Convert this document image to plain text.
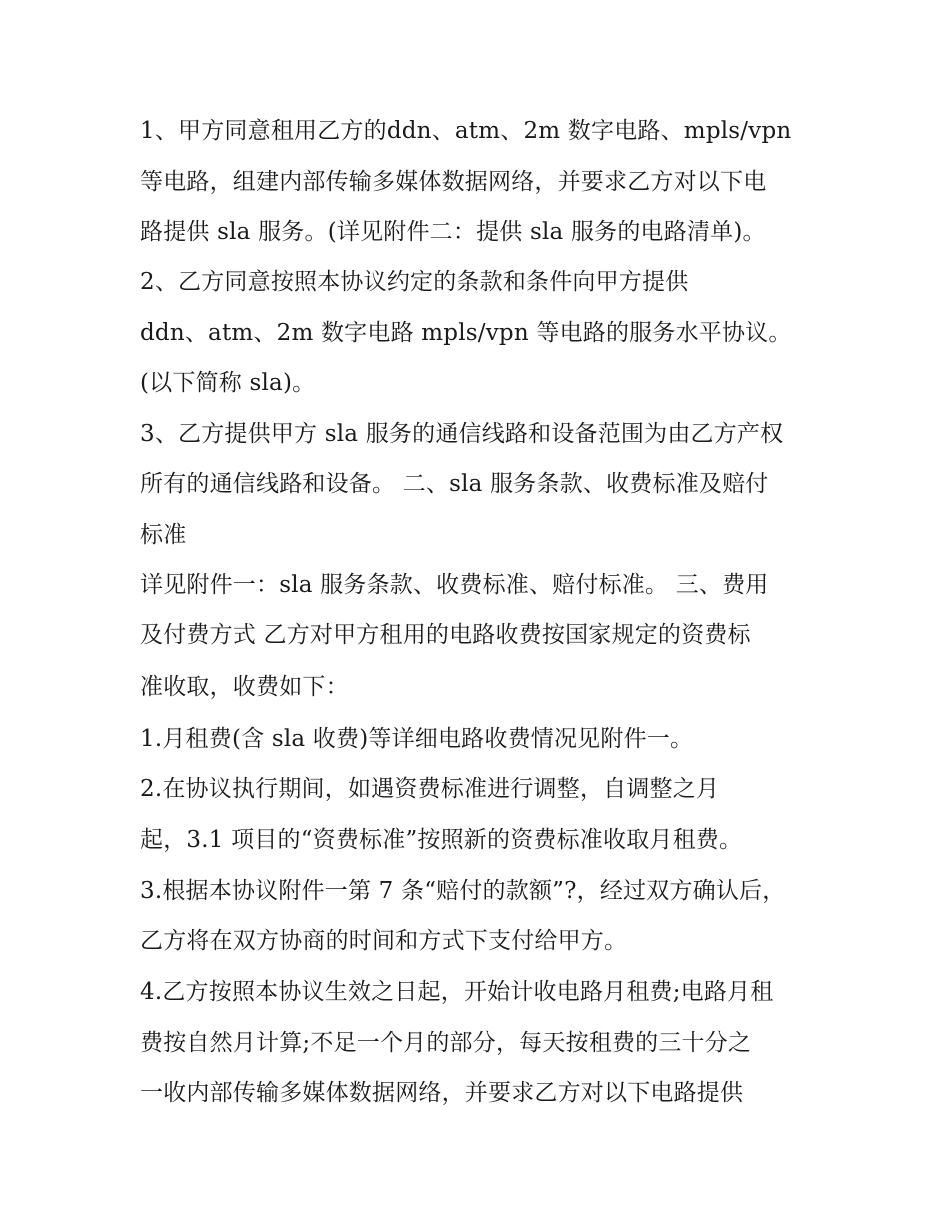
1、甲方同意租用乙方的ddn、atm、2m 数字电路、mpls/vpn
等电路，组建内部传输多媒体数据网络，并要求乙方对以下电
路提供 sla 服务。(详见附件二：提供 sla 服务的电路清单)。
2、乙方同意按照本协议约定的条款和条件向甲方提供
ddn、atm、2m 数字电路 mpls/vpn 等电路的服务水平协议。
(以下简称 sla)。
3、乙方提供甲方 sla 服务的通信线路和设备范围为由乙方产权
所有的通信线路和设备。 二、sla 服务条款、收费标准及赔付
标准
详见附件一：sla 服务条款、收费标准、赔付标准。 三、费用
及付费方式 乙方对甲方租用的电路收费按国家规定的资费标
准收取，收费如下：
1.月租费(含 sla 收费)等详细电路收费情况见附件一。
2.在协议执行期间，如遇资费标准进行调整，自调整之月
起，3.1 项目的“资费标准”按照新的资费标准收取月租费。
3.根据本协议附件一第 7 条“赔付的款额”?，经过双方确认后，
乙方将在双方协商的时间和方式下支付给甲方。
4.乙方按照本协议生效之日起，开始计收电路月租费;电路月租
费按自然月计算;不足一个月的部分，每天按租费的三十分之
一收内部传输多媒体数据网络，并要求乙方对以下电路提供
